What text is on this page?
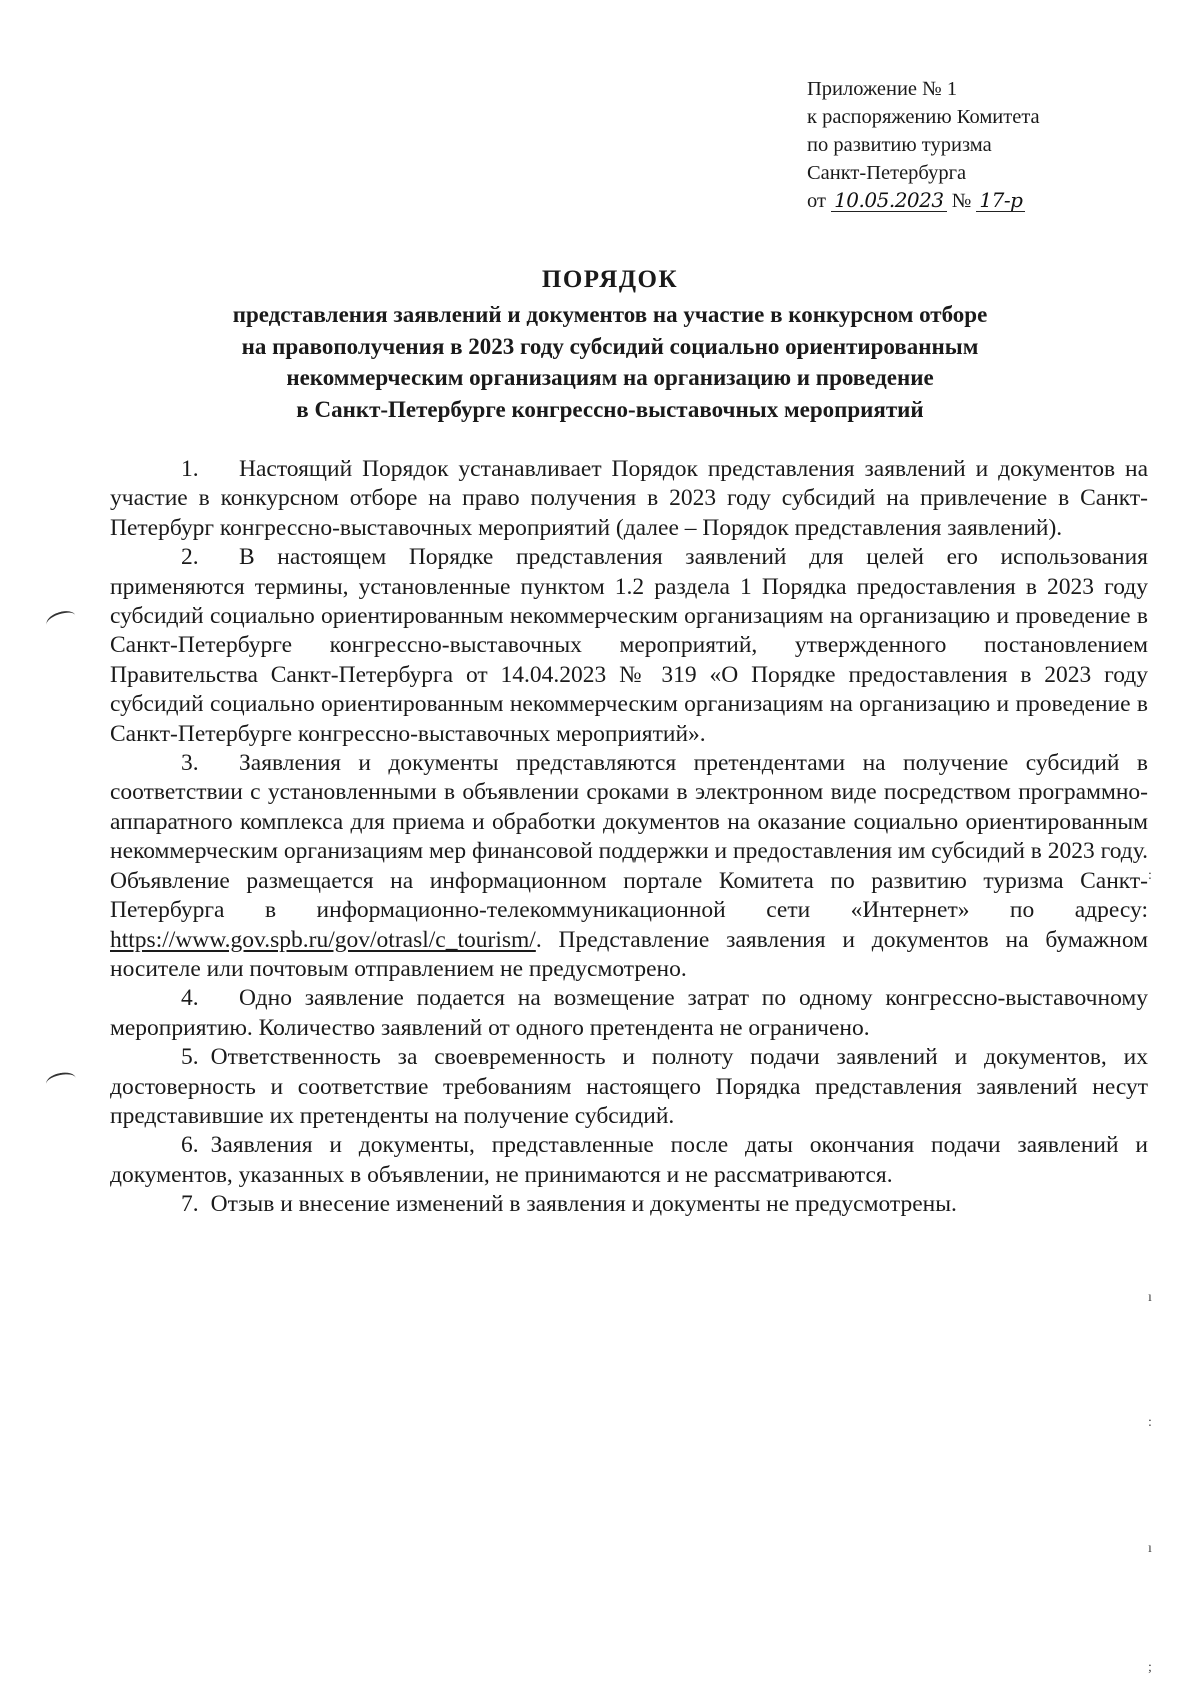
Приложение № 1
к распоряжению Комитета
по развитию туризма
Санкт-Петербурга
от 10.05.2023 № 17-р
ПОРЯДОК
представления заявлений и документов на участие в конкурсном отборе
на правополучения в 2023 году субсидий социально ориентированным
некоммерческим организациям на организацию и проведение
в Санкт-Петербурге конгрессно-выставочных мероприятий

1. Настоящий Порядок устанавливает Порядок представления заявлений и документов на участие в конкурсном отборе на право получения в 2023 году субсидий на привлечение в Санкт-Петербург конгрессно-выставочных мероприятий (далее – Порядок представления заявлений).

2. В настоящем Порядке представления заявлений для целей его использования применяются термины, установленные пунктом 1.2 раздела 1 Порядка предоставления в 2023 году субсидий социально ориентированным некоммерческим организациям на организацию и проведение в Санкт-Петербурге конгрессно-выставочных мероприятий, утвержденного постановлением Правительства Санкт-Петербурга от 14.04.2023 № 319 «О Порядке предоставления в 2023 году субсидий социально ориентированным некоммерческим организациям на организацию и проведение в Санкт-Петербурге конгрессно-выставочных мероприятий».

3. Заявления и документы представляются претендентами на получение субсидий в соответствии с установленными в объявлении сроками в электронном виде посредством программно-аппаратного комплекса для приема и обработки документов на оказание социально ориентированным некоммерческим организациям мер финансовой поддержки и предоставления им субсидий в 2023 году. Объявление размещается на информационном портале Комитета по развитию туризма Санкт-Петербурга в информационно-телекоммуникационной сети «Интернет» по адресу: https://www.gov.spb.ru/gov/otrasl/c_tourism/. Представление заявления и документов на бумажном носителе или почтовым отправлением не предусмотрено.

4. Одно заявление подается на возмещение затрат по одному конгрессно-выставочному мероприятию. Количество заявлений от одного претендента не ограничено.

5. Ответственность за своевременность и полноту подачи заявлений и документов, их достоверность и соответствие требованиям настоящего Порядка представления заявлений несут представившие их претенденты на получение субсидий.

6. Заявления и документы, представленные после даты окончания подачи заявлений и документов, указанных в объявлении, не принимаются и не рассматриваются.

7. Отзыв и внесение изменений в заявления и документы не предусмотрены.

:
ı
:
ı
;
